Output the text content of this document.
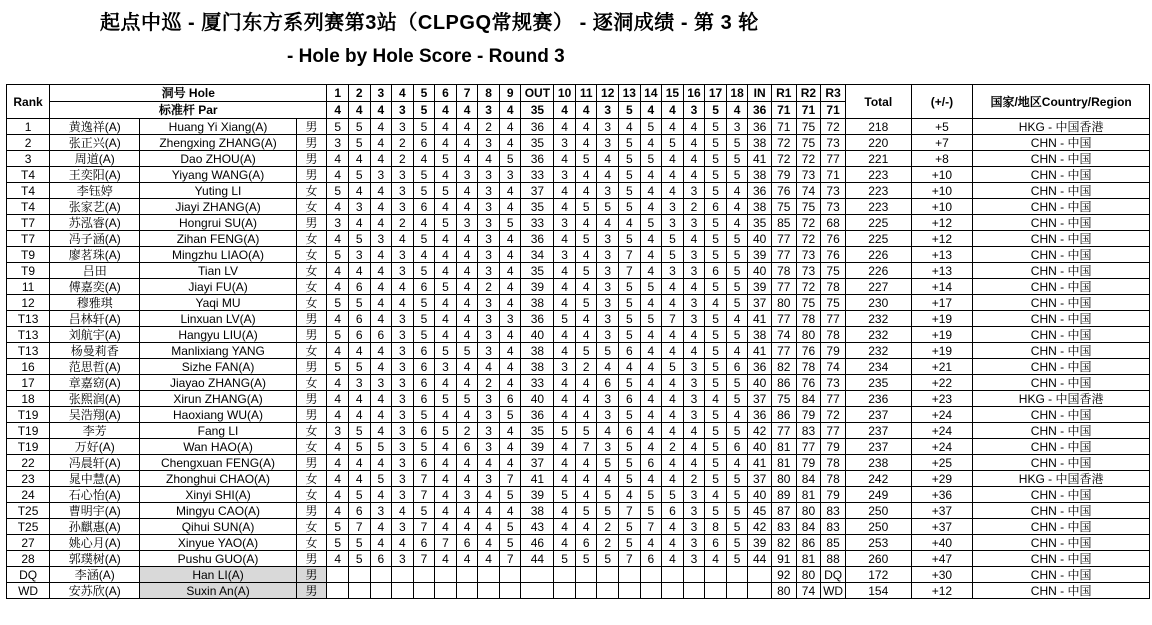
起点中巡 - 厦门东方系列赛第3站（CLPGQ常规赛） - 逐洞成绩 - 第 3 轮
- Hole by Hole Score - Round 3
Rank	洞号 Hole			1	2	3	4	5	6	7	8	9	OUT	10	11	12	13	14	15	16	17	18	IN	R1	R2	R3	Total	(+/-)	国家/地区Country/Region
	标准杆 Par			4	4	4	3	5	4	4	3	4	35	4	4	3	5	4	4	3	5	4	36	71	71	71			
1	黄逸祥(A)	Huang Yi Xiang(A)	男	5	5	4	3	5	4	4	2	4	36	4	4	3	4	5	4	4	5	3	36	71	75	72	218	+5	HKG - 中国香港
2	张正兴(A)	Zhengxing ZHANG(A)	男	3	5	4	2	6	4	4	3	4	35	3	4	3	5	4	5	4	5	5	38	72	75	73	220	+7	CHN - 中国
3	周道(A)	Dao ZHOU(A)	男	4	4	4	2	4	5	4	4	5	36	4	5	4	5	5	4	4	5	5	41	72	72	77	221	+8	CHN - 中国
T4	王奕阳(A)	Yiyang WANG(A)	男	4	5	3	3	5	4	3	3	3	33	3	4	4	5	4	4	4	5	5	38	79	73	71	223	+10	CHN - 中国
T4	李钰婷	Yuting LI	女	5	4	4	3	5	5	4	3	4	37	4	4	3	5	4	4	3	5	4	36	76	74	73	223	+10	CHN - 中国
T4	张家艺(A)	Jiayi ZHANG(A)	女	4	3	4	3	6	4	4	3	4	35	4	5	5	5	4	3	2	6	4	38	75	75	73	223	+10	CHN - 中国
T7	苏泓睿(A)	Hongrui SU(A)	男	3	4	4	2	4	5	3	3	5	33	3	4	4	4	5	3	3	5	4	35	85	72	68	225	+12	CHN - 中国
T7	冯子涵(A)	Zihan FENG(A)	女	4	5	3	4	5	4	4	3	4	36	4	5	3	5	4	5	4	5	5	40	77	72	76	225	+12	CHN - 中国
T9	廖茗珠(A)	Mingzhu LIAO(A)	女	5	3	4	3	4	4	4	3	4	34	3	4	3	7	4	5	3	5	5	39	77	73	76	226	+13	CHN - 中国
T9	吕田	Tian LV	女	4	4	4	3	5	4	4	3	4	35	4	5	3	7	4	3	3	6	5	40	78	73	75	226	+13	CHN - 中国
11	傅嘉奕(A)	Jiayi FU(A)	女	4	6	4	4	6	5	4	2	4	39	4	4	3	5	5	4	4	5	5	39	77	72	78	227	+14	CHN - 中国
12	穆雅琪	Yaqi MU	女	5	5	4	4	5	4	4	3	4	38	4	5	3	5	4	4	3	4	5	37	80	75	75	230	+17	CHN - 中国
T13	吕林轩(A)	Linxuan LV(A)	男	4	6	4	3	5	4	4	3	3	36	5	4	3	5	5	7	3	5	4	41	77	78	77	232	+19	CHN - 中国
T13	刘航宇(A)	Hangyu LIU(A)	男	5	6	6	3	5	4	4	3	4	40	4	4	3	5	4	4	4	5	5	38	74	80	78	232	+19	CHN - 中国
T13	杨曼莉香	Manlixiang YANG	女	4	4	4	3	6	5	5	3	4	38	4	5	5	6	4	4	4	5	4	41	77	76	79	232	+19	CHN - 中国
16	范思哲(A)	Sizhe FAN(A)	男	5	5	4	3	6	3	4	4	4	38	3	2	4	4	4	5	3	5	6	36	82	78	74	234	+21	CHN - 中国
17	章嘉窈(A)	Jiayao ZHANG(A)	女	4	3	3	3	6	4	4	2	4	33	4	4	6	5	4	4	3	5	5	40	86	76	73	235	+22	CHN - 中国
18	张熙润(A)	Xirun ZHANG(A)	男	4	4	4	3	6	5	5	3	6	40	4	4	3	6	4	4	3	4	5	37	75	84	77	236	+23	HKG - 中国香港
T19	吴浩翔(A)	Haoxiang WU(A)	男	4	4	4	3	5	4	4	3	5	36	4	4	3	5	4	4	3	5	4	36	86	79	72	237	+24	CHN - 中国
T19	李芳	Fang LI	女	3	5	4	3	6	5	2	3	4	35	5	5	4	6	4	4	4	5	5	42	77	83	77	237	+24	CHN - 中国
T19	万好(A)	Wan HAO(A)	女	4	5	5	3	5	4	6	3	4	39	4	7	3	5	4	2	4	5	6	40	81	77	79	237	+24	CHN - 中国
22	冯晨轩(A)	Chengxuan FENG(A)	男	4	4	4	3	6	4	4	4	4	37	4	4	5	5	6	4	4	5	4	41	81	79	78	238	+25	CHN - 中国
23	晁中慧(A)	Zhonghui CHAO(A)	女	4	4	5	3	7	4	4	3	7	41	4	4	4	5	4	4	2	5	5	37	80	84	78	242	+29	HKG - 中国香港
24	石心怡(A)	Xinyi SHI(A)	女	4	5	4	3	7	4	3	4	5	39	5	4	5	4	5	5	3	4	5	40	89	81	79	249	+36	CHN - 中国
T25	曹明宇(A)	Mingyu CAO(A)	男	4	6	3	4	5	4	4	4	4	38	4	5	5	7	5	6	3	5	5	45	87	80	83	250	+37	CHN - 中国
T25	孙麒惠(A)	Qihui SUN(A)	女	5	7	4	3	7	4	4	4	5	43	4	4	2	5	7	4	3	8	5	42	83	84	83	250	+37	CHN - 中国
27	姚心月(A)	Xinyue YAO(A)	女	5	5	4	4	6	7	6	4	5	46	4	6	2	5	4	4	3	6	5	39	82	86	85	253	+40	CHN - 中国
28	郭璞树(A)	Pushu GUO(A)	男	4	5	6	3	7	4	4	4	7	44	5	5	5	7	6	4	3	4	5	44	91	81	88	260	+47	CHN - 中国
DQ	李涵(A)	Han LI(A)	男																					92	80	DQ	172	+30	CHN - 中国
WD	安苏欣(A)	Suxin An(A)	男																					80	74	WD	154	+12	CHN - 中国
